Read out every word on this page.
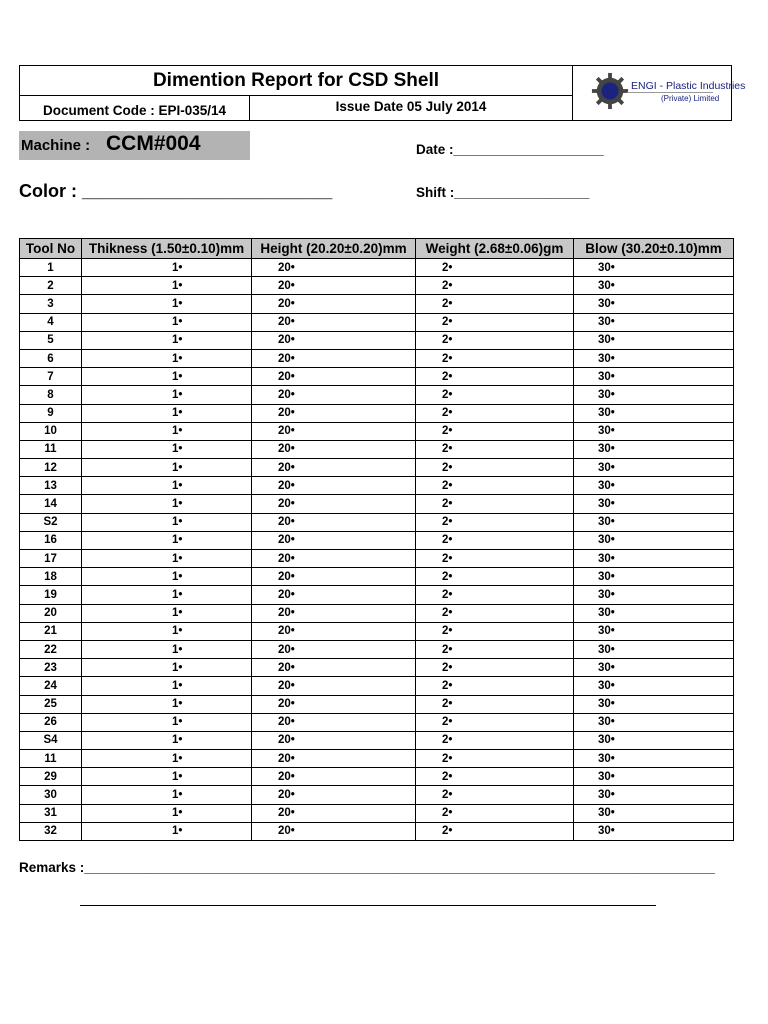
Dimention Report for CSD Shell
Document Code : EPI-035/14	Issue Date 05 July 2014
ENGI - Plastic Industries
(Private) Limited
Machine : CCM#004	Date :____________________
Color : _________________________	Shift :__________________
Tool No	Thikness (1.50±0.10)mm	Height (20.20±0.20)mm	Weight (2.68±0.06)gm	Blow (30.20±0.10)mm
1	1•	20•	2•	30•
2	1•	20•	2•	30•
3	1•	20•	2•	30•
4	1•	20•	2•	30•
5	1•	20•	2•	30•
6	1•	20•	2•	30•
7	1•	20•	2•	30•
8	1•	20•	2•	30•
9	1•	20•	2•	30•
10	1•	20•	2•	30•
11	1•	20•	2•	30•
12	1•	20•	2•	30•
13	1•	20•	2•	30•
14	1•	20•	2•	30•
S2	1•	20•	2•	30•
16	1•	20•	2•	30•
17	1•	20•	2•	30•
18	1•	20•	2•	30•
19	1•	20•	2•	30•
20	1•	20•	2•	30•
21	1•	20•	2•	30•
22	1•	20•	2•	30•
23	1•	20•	2•	30•
24	1•	20•	2•	30•
25	1•	20•	2•	30•
26	1•	20•	2•	30•
S4	1•	20•	2•	30•
11	1•	20•	2•	30•
29	1•	20•	2•	30•
30	1•	20•	2•	30•
31	1•	20•	2•	30•
32	1•	20•	2•	30•
Remarks :____________________________________________________________________________________
